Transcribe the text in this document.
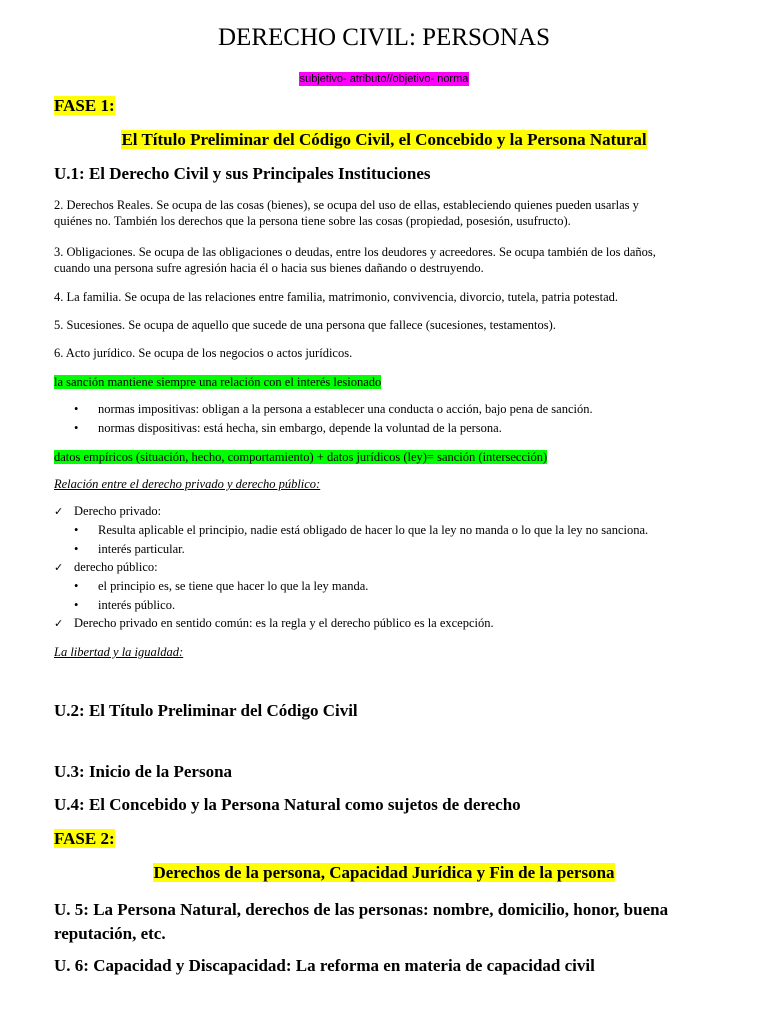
DERECHO CIVIL: PERSONAS
subjetivo- atributo//objetivo- norma
FASE 1:
El Título Preliminar del Código Civil, el Concebido y la Persona Natural
U.1: El Derecho Civil y sus Principales Instituciones
2. Derechos Reales. Se ocupa de las cosas (bienes), se ocupa del uso de ellas, estableciendo quienes pueden usarlas y
quiénes no. También los derechos que la persona tiene sobre las cosas (propiedad, posesión, usufructo).
3. Obligaciones. Se ocupa de las obligaciones o deudas, entre los deudores y acreedores. Se ocupa también de los daños,
cuando una persona sufre agresión hacia él o hacia sus bienes dañando o destruyendo.
4. La familia. Se ocupa de las relaciones entre familia, matrimonio, convivencia, divorcio, tutela, patria potestad.
5. Sucesiones. Se ocupa de aquello que sucede de una persona que fallece (sucesiones, testamentos).
6. Acto jurídico. Se ocupa de los negocios o actos jurídicos.
la sanción mantiene siempre una relación con el interés lesionado
• normas impositivas: obligan a la persona a establecer una conducta o acción, bajo pena de sanción.
• normas dispositivas: está hecha, sin embargo, depende la voluntad de la persona.
datos empíricos (situación, hecho, comportamiento) + datos jurídicos (ley)= sanción (intersección)
Relación entre el derecho privado y derecho público:
✓ Derecho privado:
• Resulta aplicable el principio, nadie está obligado de hacer lo que la ley no manda o lo que la ley no sanciona.
• interés particular.
✓ derecho público:
• el principio es, se tiene que hacer lo que la ley manda.
• interés público.
✓ Derecho privado en sentido común: es la regla y el derecho público es la excepción.
La libertad y la igualdad:
U.2: El Título Preliminar del Código Civil
U.3: Inicio de la Persona
U.4: El Concebido y la Persona Natural como sujetos de derecho
FASE 2:
Derechos de la persona, Capacidad Jurídica y Fin de la persona
U. 5: La Persona Natural, derechos de las personas: nombre, domicilio, honor, buena
reputación, etc.
U. 6: Capacidad y Discapacidad: La reforma en materia de capacidad civil
